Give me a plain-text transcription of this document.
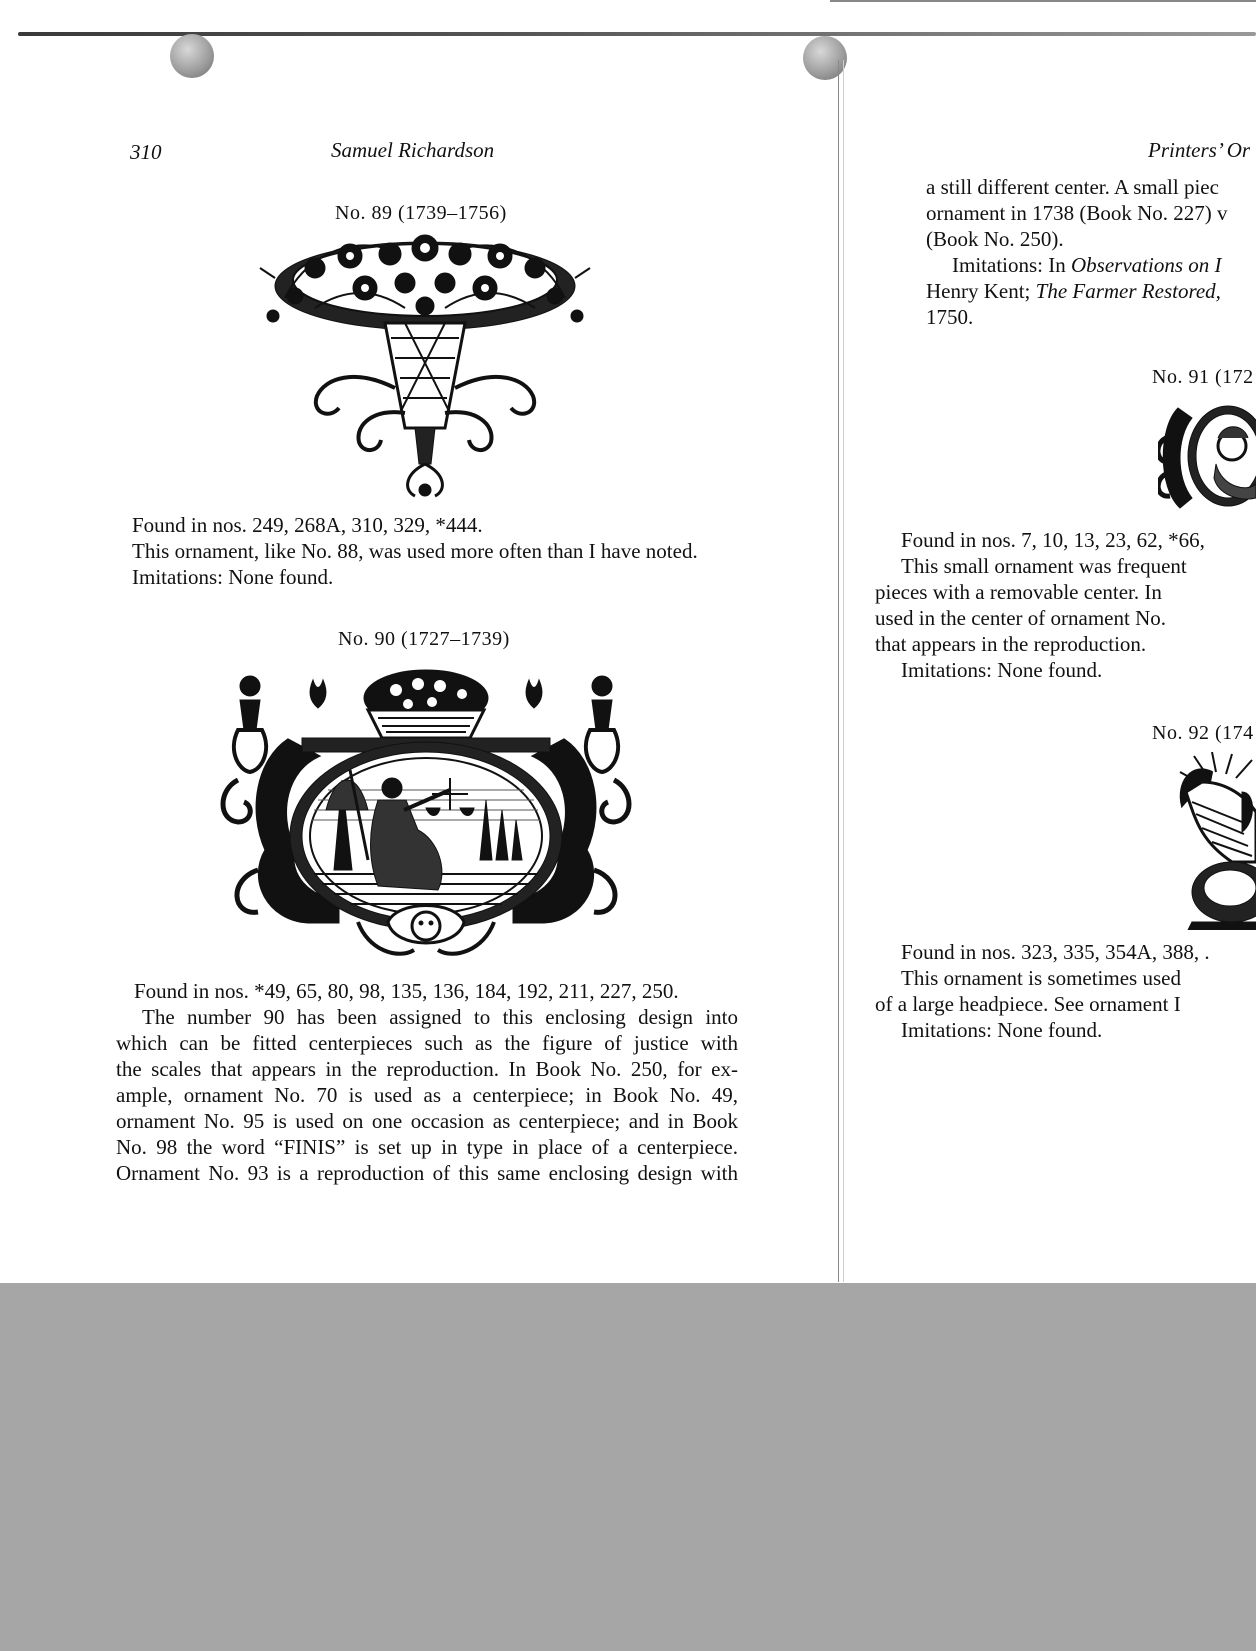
310	Samuel Richardson
No. 89 (1739–1756)
Found in nos. 249, 268A, 310, 329, *444.
This ornament, like No. 88, was used more often than I have noted.
Imitations: None found.
No. 90 (1727–1739)
Found in nos. *49, 65, 80, 98, 135, 136, 184, 192, 211, 227, 250.
The number 90 has been assigned to this enclosing design into
which can be fitted centerpieces such as the figure of justice with
the scales that appears in the reproduction. In Book No. 250, for ex-
ample, ornament No. 70 is used as a centerpiece; in Book No. 49,
ornament No. 95 is used on one occasion as centerpiece; and in Book
No. 98 the word “FINIS” is set up in type in place of a centerpiece.
Ornament No. 93 is a reproduction of this same enclosing design with
Printers’ Or
a still different center. A small piec
ornament in 1738 (Book No. 227) v
(Book No. 250).
Imitations: In Observations on I
Henry Kent; The Farmer Restored,
1750.
No. 91 (172
Found in nos. 7, 10, 13, 23, 62, *66,
This small ornament was frequent
pieces with a removable center. In
used in the center of ornament No.
that appears in the reproduction.
Imitations: None found.
No. 92 (174
Found in nos. 323, 335, 354A, 388, .
This ornament is sometimes used
of a large headpiece. See ornament I
Imitations: None found.
